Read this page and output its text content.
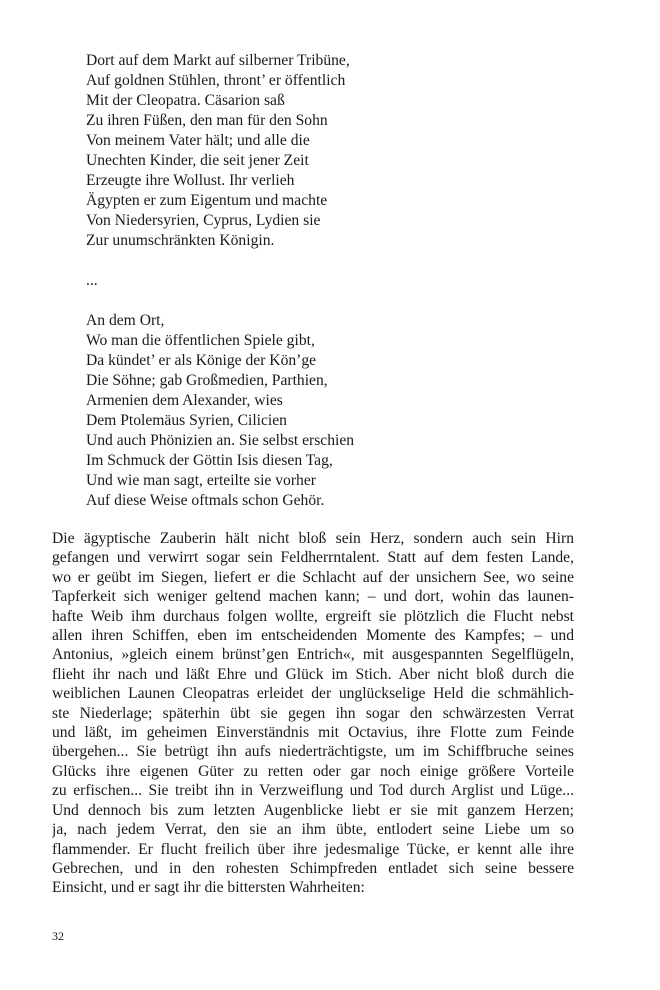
Dort auf dem Markt auf silberner Tribüne,
Auf goldnen Stühlen, thront’ er öffentlich
Mit der Cleopatra. Cäsarion saß
Zu ihren Füßen, den man für den Sohn
Von meinem Vater hält; und alle die
Unechten Kinder, die seit jener Zeit
Erzeugte ihre Wollust. Ihr verlieh
Ägypten er zum Eigentum und machte
Von Niedersyrien, Cyprus, Lydien sie
Zur unumschränkten Königin.
...
An dem Ort,
Wo man die öffentlichen Spiele gibt,
Da kündet’ er als Könige der Kön’ge
Die Söhne; gab Großmedien, Parthien,
Armenien dem Alexander, wies
Dem Ptolemäus Syrien, Cilicien
Und auch Phönizien an. Sie selbst erschien
Im Schmuck der Göttin Isis diesen Tag,
Und wie man sagt, erteilte sie vorher
Auf diese Weise oftmals schon Gehör.
Die ägyptische Zauberin hält nicht bloß sein Herz, sondern auch sein Hirn
gefangen und verwirrt sogar sein Feldherrntalent. Statt auf dem festen Lande,
wo er geübt im Siegen, liefert er die Schlacht auf der unsichern See, wo seine
Tapferkeit sich weniger geltend machen kann; – und dort, wohin das launen-
hafte Weib ihm durchaus folgen wollte, ergreift sie plötzlich die Flucht nebst
allen ihren Schiffen, eben im entscheidenden Momente des Kampfes; – und
Antonius, »gleich einem brünst’gen Entrich«, mit ausgespannten Segelflügeln,
flieht ihr nach und läßt Ehre und Glück im Stich. Aber nicht bloß durch die
weiblichen Launen Cleopatras erleidet der unglückselige Held die schmählich-
ste Niederlage; späterhin übt sie gegen ihn sogar den schwärzesten Verrat
und läßt, im geheimen Einverständnis mit Octavius, ihre Flotte zum Feinde
übergehen... Sie betrügt ihn aufs niederträchtigste, um im Schiffbruche seines
Glücks ihre eigenen Güter zu retten oder gar noch einige größere Vorteile
zu erfischen... Sie treibt ihn in Verzweiflung und Tod durch Arglist und Lüge...
Und dennoch bis zum letzten Augenblicke liebt er sie mit ganzem Herzen;
ja, nach jedem Verrat, den sie an ihm übte, entlodert seine Liebe um so
flammender. Er flucht freilich über ihre jedesmalige Tücke, er kennt alle ihre
Gebrechen, und in den rohesten Schimpfreden entladet sich seine bessere
Einsicht, und er sagt ihr die bittersten Wahrheiten:
32
